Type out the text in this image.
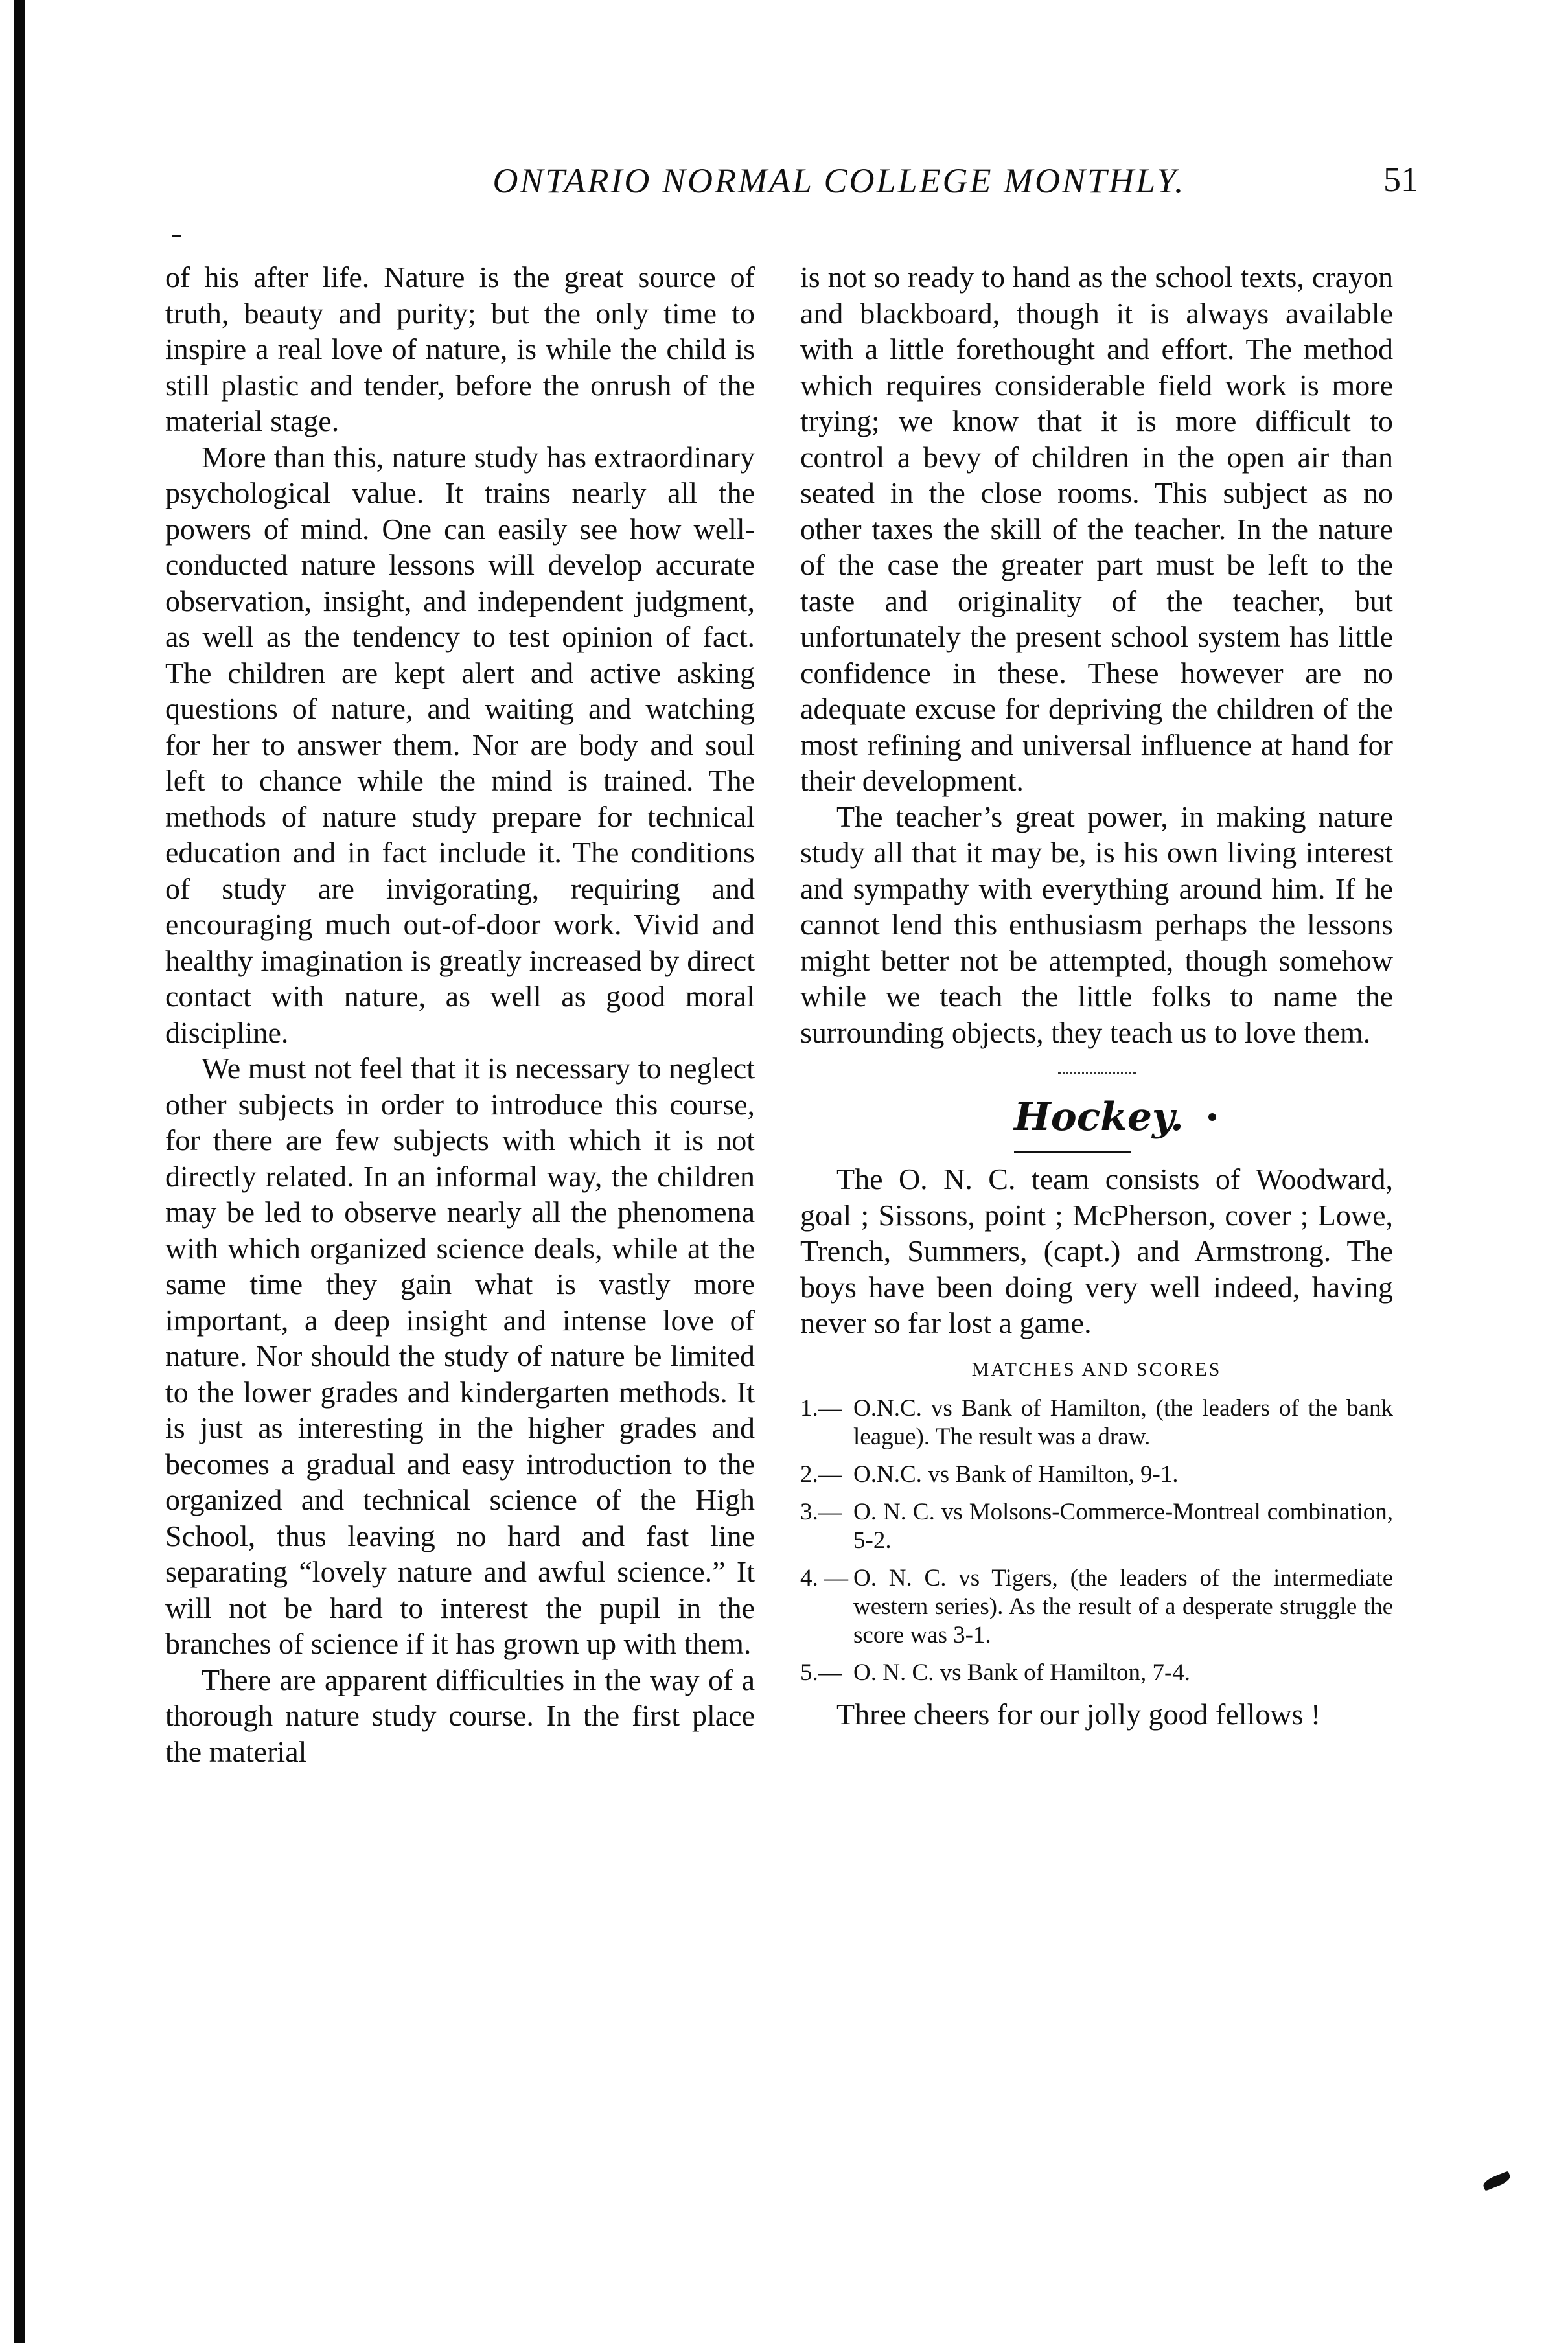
ONTARIO NORMAL COLLEGE MONTHLY.	51

of his after life. Nature is the great source of truth, beauty and purity; but the only time to inspire a real love of nature, is while the child is still plastic and tender, before the onrush of the material stage.

More than this, nature study has extraordinary psychological value. It trains nearly all the powers of mind. One can easily see how well-conducted nature lessons will develop accurate observation, insight, and independent judgment, as well as the tendency to test opinion of fact. The children are kept alert and active asking questions of nature, and waiting and watching for her to answer them. Nor are body and soul left to chance while the mind is trained. The methods of nature study prepare for technical education and in fact include it. The conditions of study are invigorating, requiring and encouraging much out-of-door work. Vivid and healthy imagination is greatly increased by direct contact with nature, as well as good moral discipline.

We must not feel that it is necessary to neglect other subjects in order to introduce this course, for there are few subjects with which it is not directly related. In an informal way, the children may be led to observe nearly all the phenomena with which organized science deals, while at the same time they gain what is vastly more important, a deep insight and intense love of nature. Nor should the study of nature be limited to the lower grades and kindergarten methods. It is just as interesting in the higher grades and becomes a gradual and easy introduction to the organized and technical science of the High School, thus leaving no hard and fast line separating “lovely nature and awful science.” It will not be hard to interest the pupil in the branches of science if it has grown up with them.

There are apparent difficulties in the way of a thorough nature study course. In the first place the material

is not so ready to hand as the school texts, crayon and blackboard, though it is always available with a little forethought and effort. The method which requires considerable field work is more trying; we know that it is more difficult to control a bevy of children in the open air than seated in the close rooms. This subject as no other taxes the skill of the teacher. In the nature of the case the greater part must be left to the taste and originality of the teacher, but unfortunately the present school system has little confidence in these. These however are no adequate excuse for depriving the children of the most refining and universal influence at hand for their development.

The teacher’s great power, in making nature study all that it may be, is his own living interest and sympathy with everything around him. If he cannot lend this enthusiasm perhaps the lessons might better not be attempted, though somehow while we teach the little folks to name the surrounding objects, they teach us to love them.

Hockey.

The O. N. C. team consists of Woodward, goal ; Sissons, point ; McPherson, cover ; Lowe, Trench, Summers, (capt.) and Armstrong. The boys have been doing very well indeed, having never so far lost a game.

MATCHES AND SCORES
1.— O.N.C. vs Bank of Hamilton, (the leaders of the bank league). The result was a draw.
2.— O.N.C. vs Bank of Hamilton, 9-1.
3.— O. N. C. vs Molsons-Commerce-Montreal combination, 5-2.
4. — O. N. C. vs Tigers, (the leaders of the intermediate western series). As the result of a desperate struggle the score was 3-1.
5.— O. N. C. vs Bank of Hamilton, 7-4.

Three cheers for our jolly good fellows !
